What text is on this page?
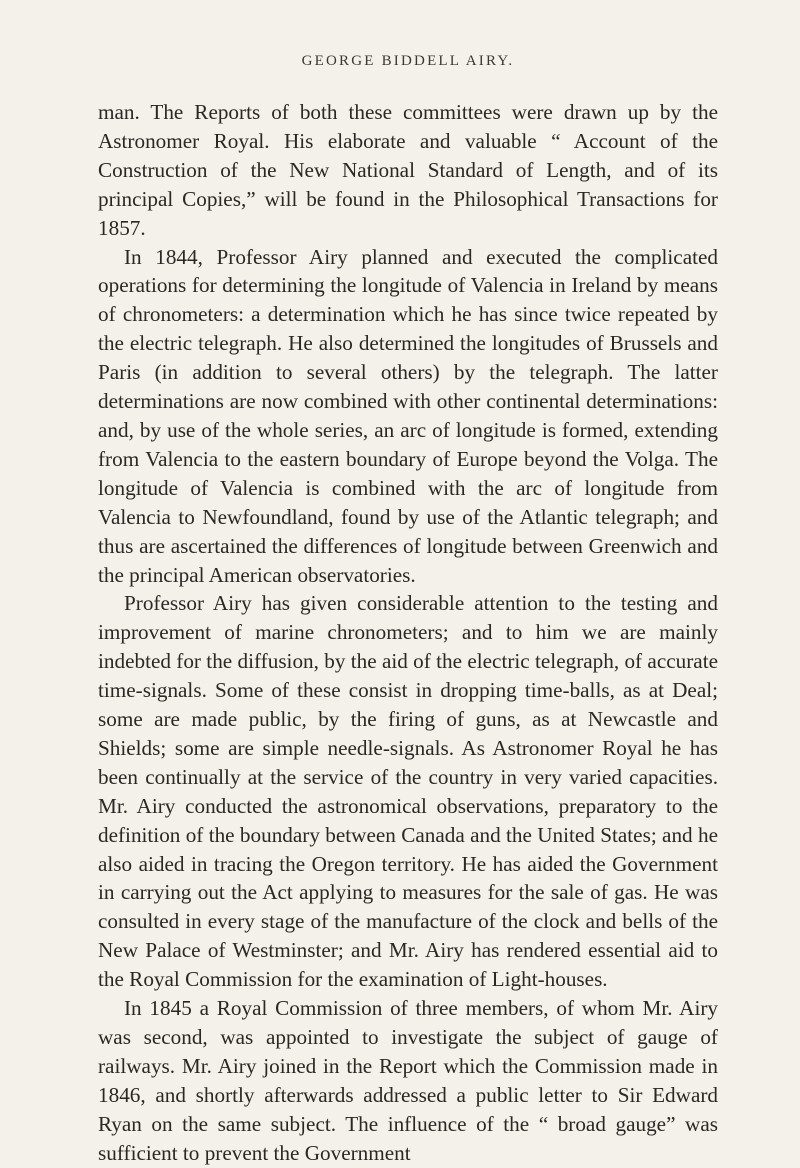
GEORGE BIDDELL AIRY.

man. The Reports of both these committees were drawn up by the Astronomer Royal. His elaborate and valuable “ Account of the Construction of the New National Standard of Length, and of its principal Copies,” will be found in the Philosophical Transactions for 1857.

In 1844, Professor Airy planned and executed the complicated operations for determining the longitude of Valencia in Ireland by means of chronometers: a determination which he has since twice repeated by the electric telegraph. He also determined the longitudes of Brussels and Paris (in addition to several others) by the telegraph. The latter determinations are now combined with other continental determinations: and, by use of the whole series, an arc of longitude is formed, extending from Valencia to the eastern boundary of Europe beyond the Volga. The longitude of Valencia is combined with the arc of longitude from Valencia to Newfoundland, found by use of the Atlantic telegraph; and thus are ascertained the differences of longitude between Greenwich and the principal American observatories.

Professor Airy has given considerable attention to the testing and improvement of marine chronometers; and to him we are mainly indebted for the diffusion, by the aid of the electric telegraph, of accurate time-signals. Some of these consist in dropping time-balls, as at Deal; some are made public, by the firing of guns, as at Newcastle and Shields; some are simple needle-signals. As Astronomer Royal he has been continually at the service of the country in very varied capacities. Mr. Airy conducted the astronomical observations, preparatory to the definition of the boundary between Canada and the United States; and he also aided in tracing the Oregon territory. He has aided the Government in carrying out the Act applying to measures for the sale of gas. He was consulted in every stage of the manufacture of the clock and bells of the New Palace of Westminster; and Mr. Airy has rendered essential aid to the Royal Commission for the examination of Light-houses.

In 1845 a Royal Commission of three members, of whom Mr. Airy was second, was appointed to investigate the subject of gauge of railways. Mr. Airy joined in the Report which the Commission made in 1846, and shortly afterwards addressed a public letter to Sir Edward Ryan on the same subject. The influence of the “ broad gauge” was sufficient to prevent the Government
